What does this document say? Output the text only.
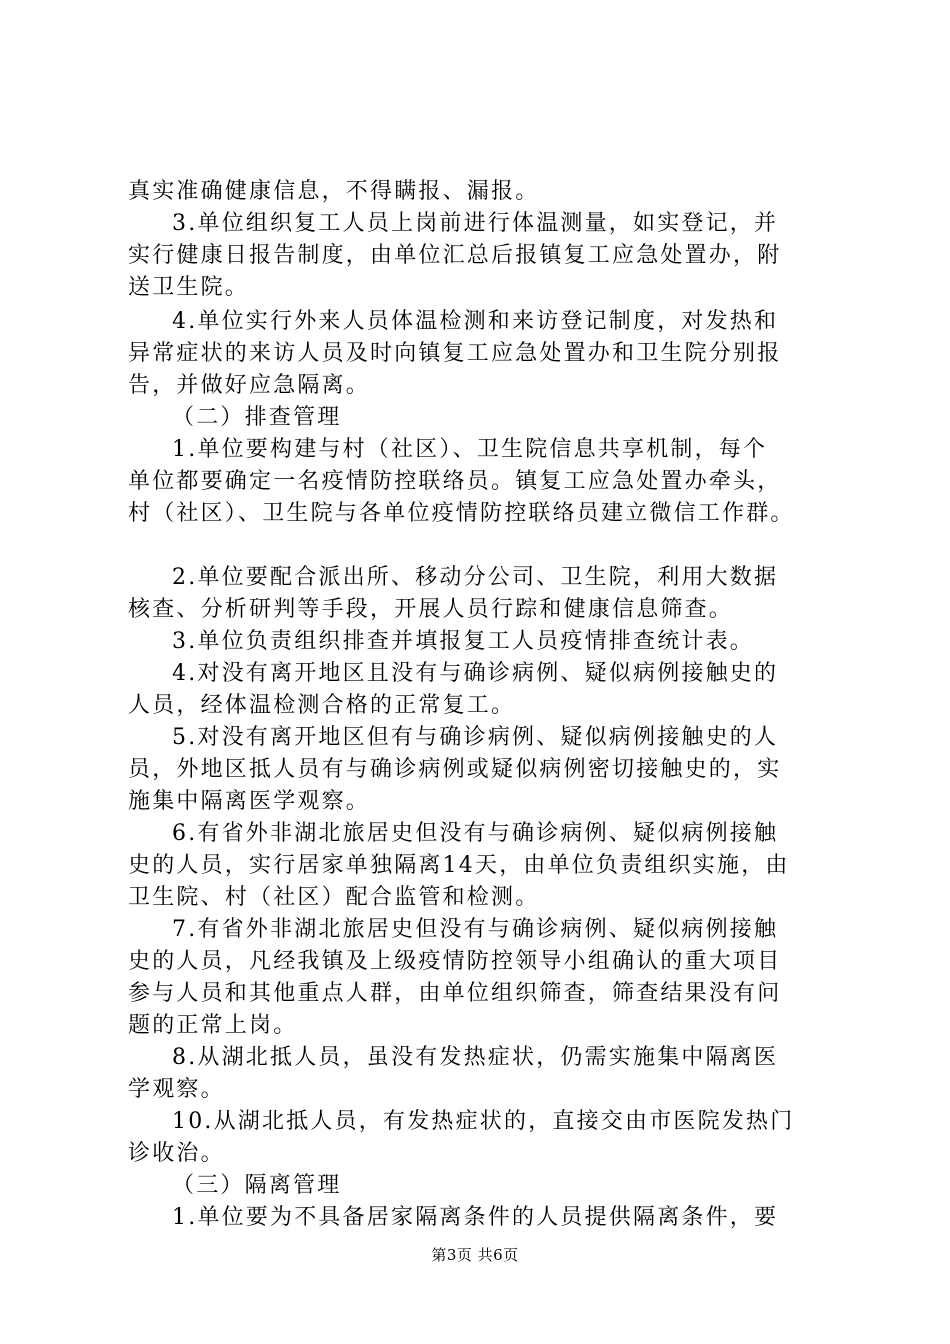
真实准确健康信息，不得瞒报、漏报。
3.单位组织复工人员上岗前进行体温测量，如实登记，并
实行健康日报告制度，由单位汇总后报镇复工应急处置办，附
送卫生院。
4.单位实行外来人员体温检测和来访登记制度，对发热和
异常症状的来访人员及时向镇复工应急处置办和卫生院分别报
告，并做好应急隔离。
（二）排查管理
1.单位要构建与村（社区）、卫生院信息共享机制，每个
单位都要确定一名疫情防控联络员。镇复工应急处置办牵头，
村（社区）、卫生院与各单位疫情防控联络员建立微信工作群。
2.单位要配合派出所、移动分公司、卫生院，利用大数据
核查、分析研判等手段，开展人员行踪和健康信息筛查。
3.单位负责组织排查并填报复工人员疫情排查统计表。
4.对没有离开地区且没有与确诊病例、疑似病例接触史的
人员，经体温检测合格的正常复工。
5.对没有离开地区但有与确诊病例、疑似病例接触史的人
员，外地区抵人员有与确诊病例或疑似病例密切接触史的，实
施集中隔离医学观察。
6.有省外非湖北旅居史但没有与确诊病例、疑似病例接触
史的人员，实行居家单独隔离14天，由单位负责组织实施，由
卫生院、村（社区）配合监管和检测。
7.有省外非湖北旅居史但没有与确诊病例、疑似病例接触
史的人员，凡经我镇及上级疫情防控领导小组确认的重大项目
参与人员和其他重点人群，由单位组织筛查，筛查结果没有问
题的正常上岗。
8.从湖北抵人员，虽没有发热症状，仍需实施集中隔离医
学观察。
10.从湖北抵人员，有发热症状的，直接交由市医院发热门
诊收治。
（三）隔离管理
1.单位要为不具备居家隔离条件的人员提供隔离条件，要
第3页 共6页
